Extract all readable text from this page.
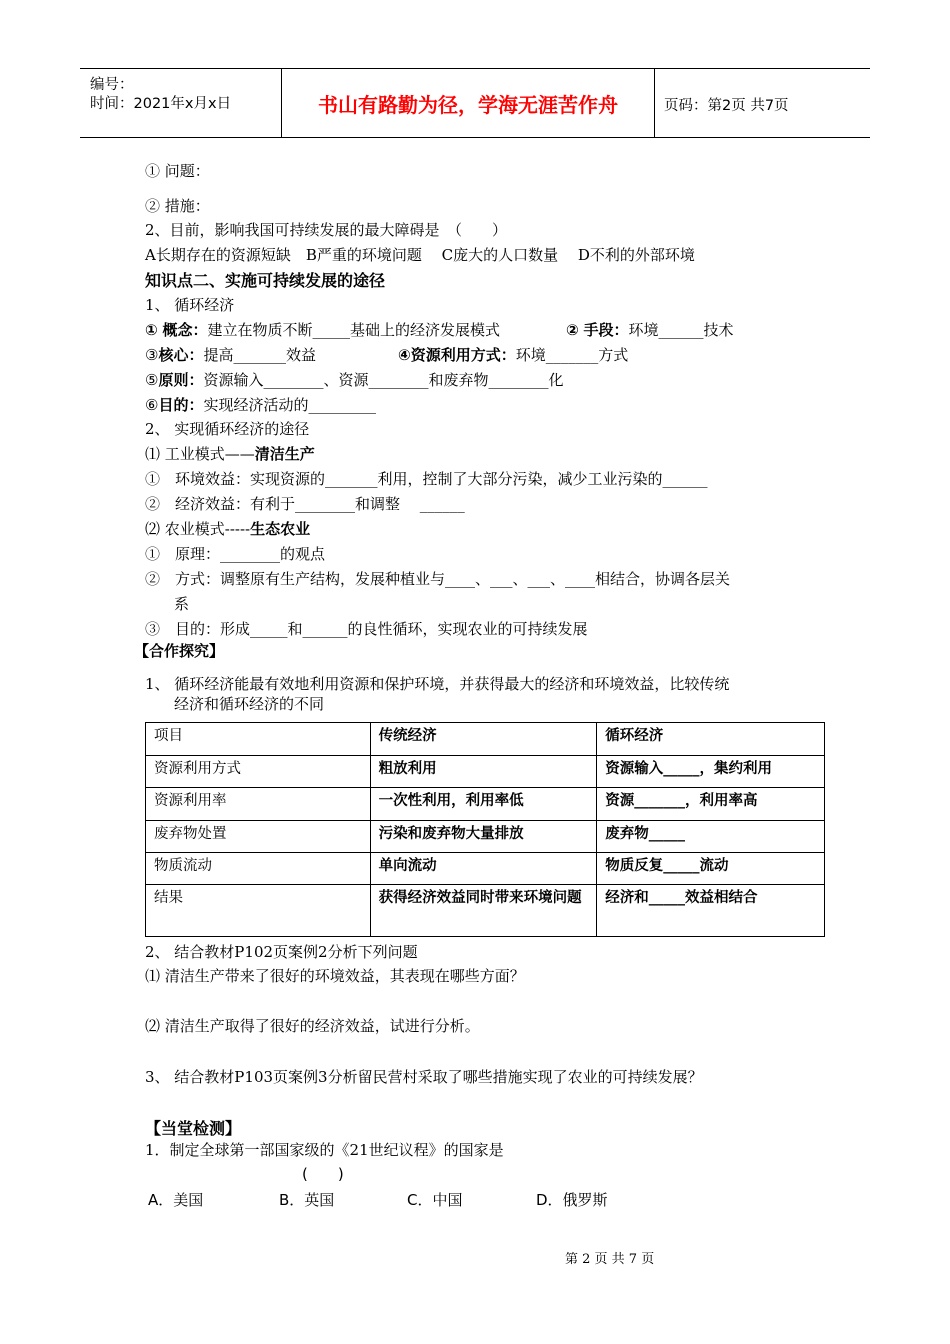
编号：
时间：2021年x月x日	书山有路勤为径，学海无涯苦作舟	页码：第2页 共7页
① 问题：
② 措施：
2、目前，影响我国可持续发展的最大障碍是　（　　）
A长期存在的资源短缺　B严重的环境问题　 C庞大的人口数量　 D不利的外部环境
知识点二、实施可持续发展的途径
1、 循环经济
① 概念：建立在物质不断_____基础上的经济发展模式	② 手段：环境______技术
③核心：提高_______效益	④资源利用方式：环境_______方式
⑤原则：资源输入________、资源________和废弃物________化
⑥目的：实现经济活动的_________
2、 实现循环经济的途径
⑴ 工业模式——清洁生产
①　环境效益：实现资源的_______利用，控制了大部分污染，减少工业污染的______
②　经济效益：有利于________和调整　 ______
⑵ 农业模式-----生态农业
①　原理：________的观点
②　方式：调整原有生产结构，发展种植业与____、___、___、____相结合，协调各层关
系
③　目的：形成_____和______的良性循环，实现农业的可持续发展
【合作探究】
1、 循环经济能最有效地利用资源和保护环境，并获得最大的经济和环境效益，比较传统
经济和循环经济的不同
项目	传统经济	循环经济
资源利用方式	粗放利用	资源输入_____，集约利用
资源利用率	一次性利用，利用率低	资源_______，利用率高
废弃物处置	污染和废弃物大量排放	废弃物_____
物质流动	单向流动	物质反复_____流动
结果	获得经济效益同时带来环境问题	经济和_____效益相结合
2、 结合教材P102页案例2分析下列问题
⑴ 清洁生产带来了很好的环境效益，其表现在哪些方面？
⑵ 清洁生产取得了很好的经济效益，试进行分析。
3、 结合教材P103页案例3分析留民营村采取了哪些措施实现了农业的可持续发展？
【当堂检测】
1．制定全球第一部国家级的《21世纪议程》的国家是
(　　)
A．美国	B．英国	C．中国	D．俄罗斯
第 2 页 共 7 页
